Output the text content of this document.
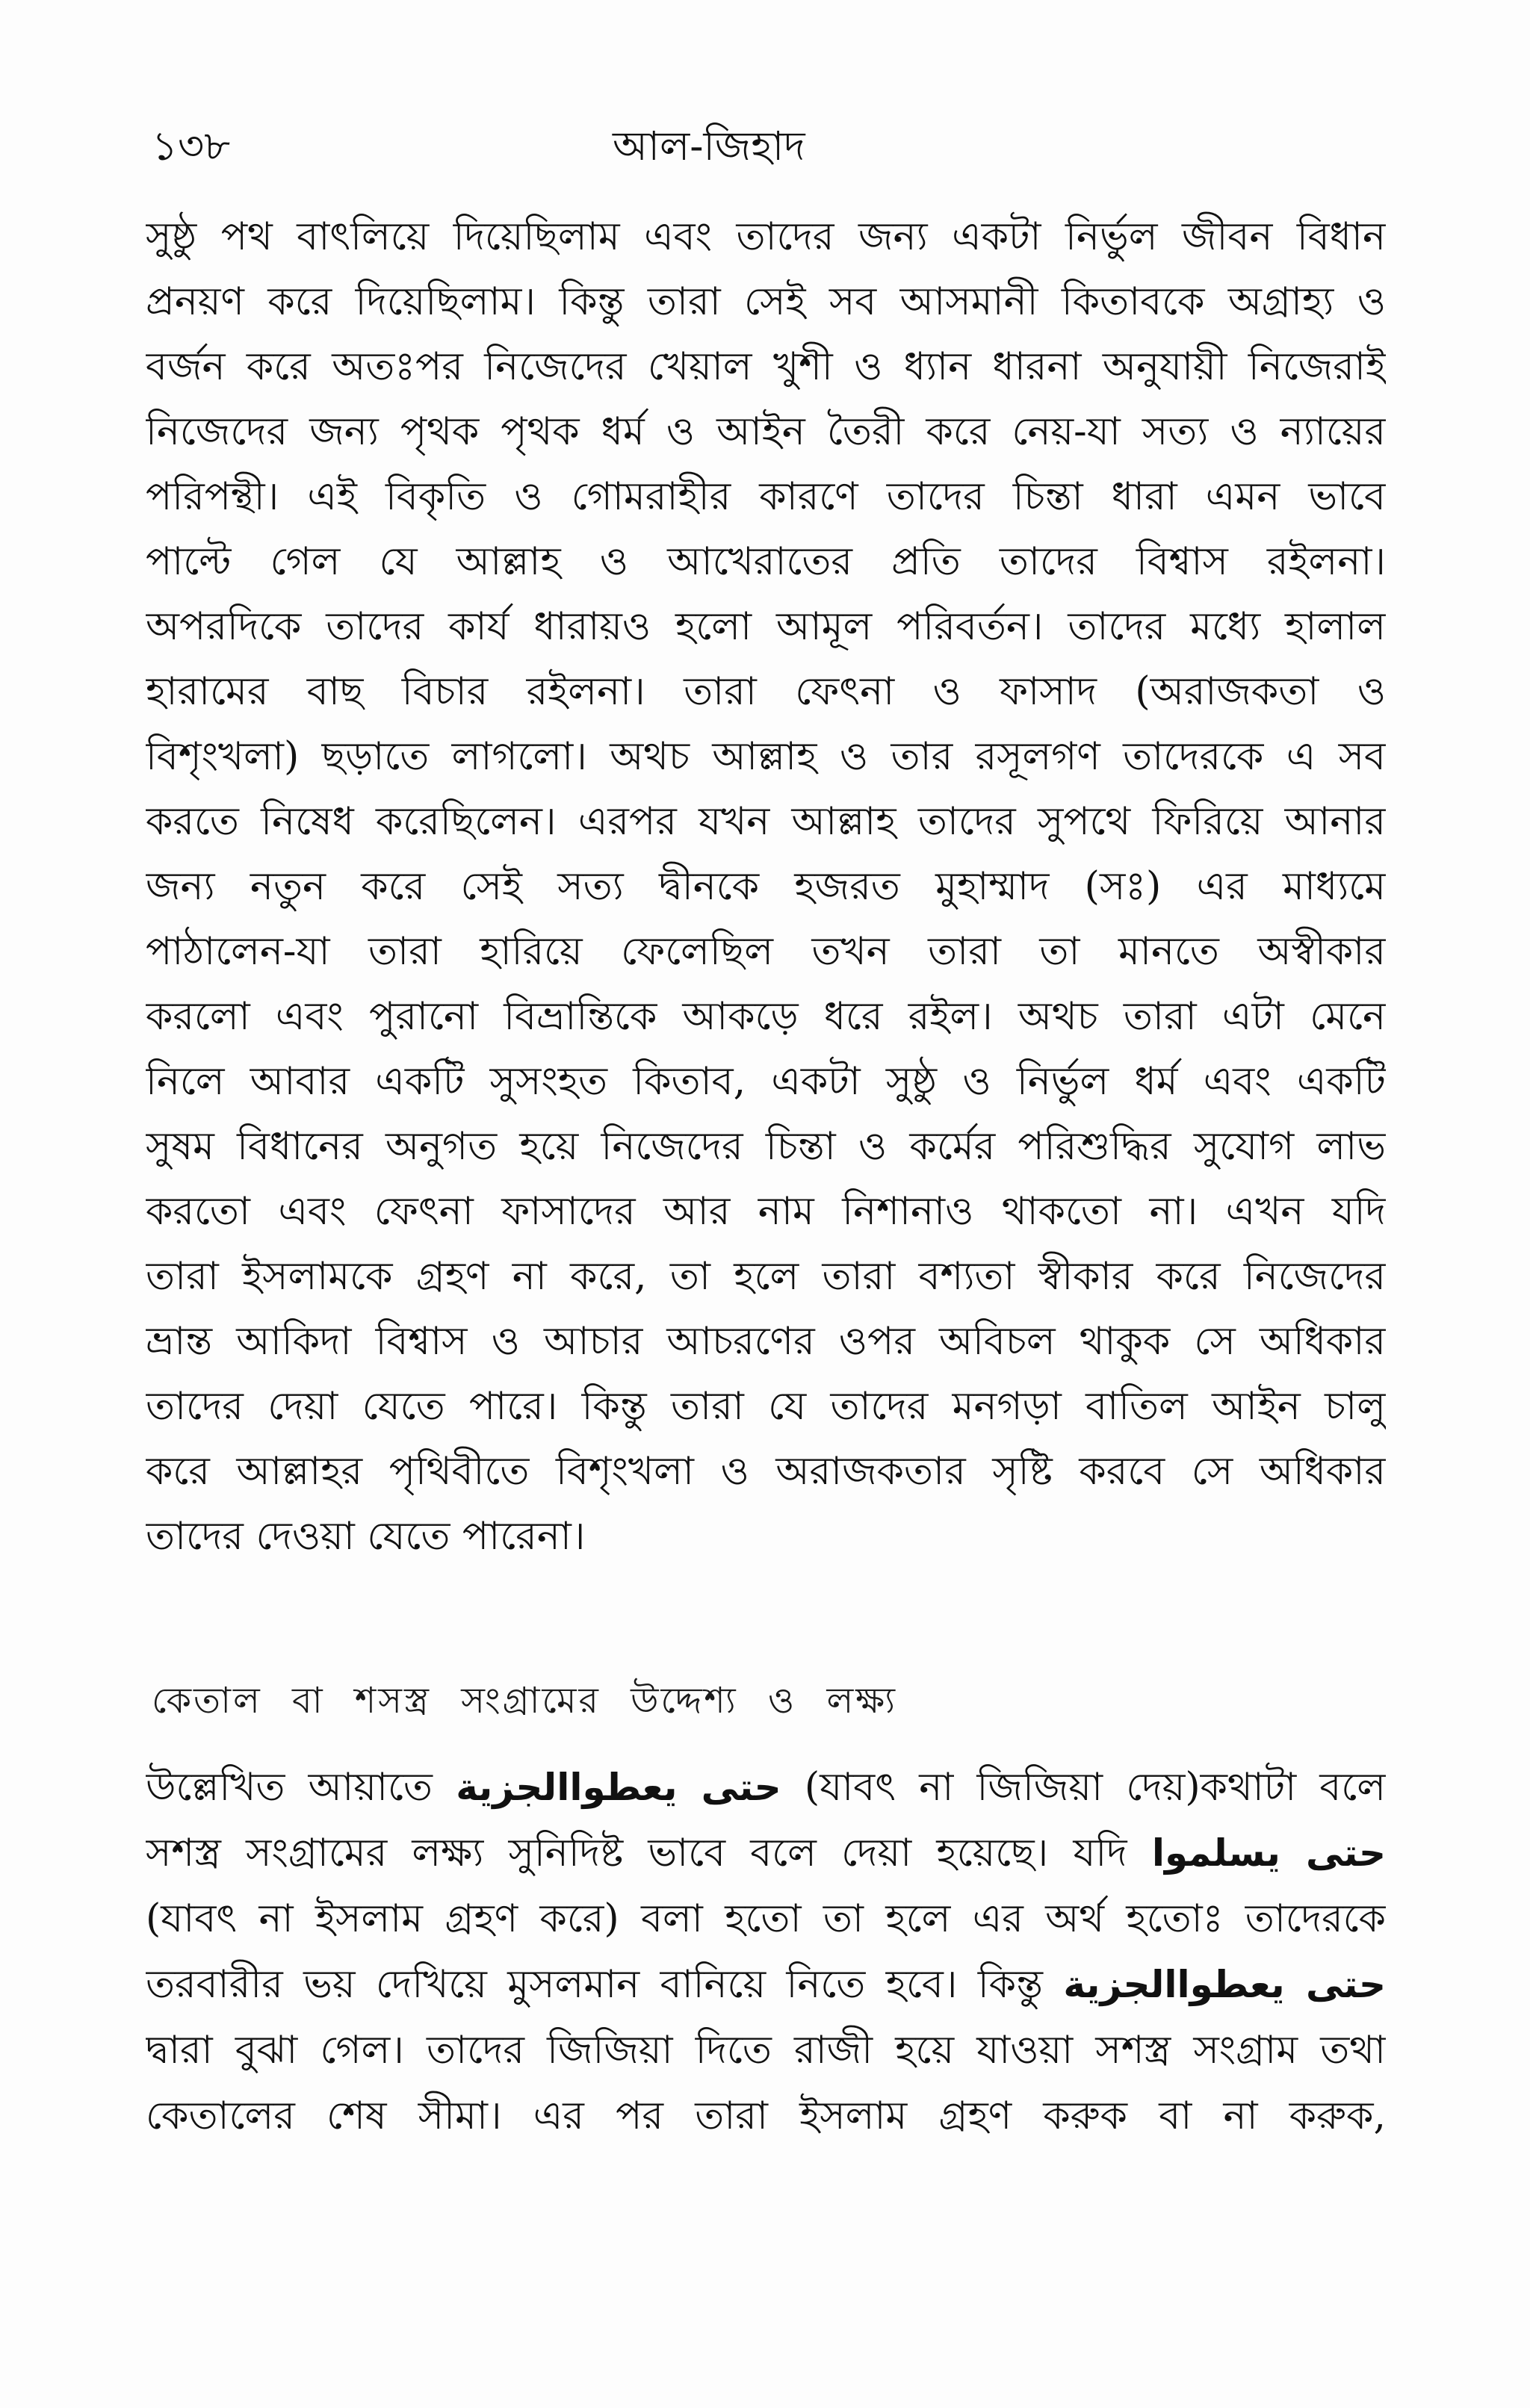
১৩৮	আল-জিহাদ
সুষ্ঠু পথ বাৎলিয়ে দিয়েছিলাম এবং তাদের জন্য একটা নির্ভুল জীবন বিধান
প্রনয়ণ করে দিয়েছিলাম। কিন্তু তারা সেই সব আসমানী কিতাবকে অগ্রাহ্য ও
বর্জন করে অতঃপর নিজেদের খেয়াল খুশী ও ধ্যান ধারনা অনুযায়ী নিজেরাই
নিজেদের জন্য পৃথক পৃথক ধর্ম ও আইন তৈরী করে নেয়-যা সত্য ও ন্যায়ের
পরিপন্থী। এই বিকৃতি ও গোমরাহীর কারণে তাদের চিন্তা ধারা এমন ভাবে
পাল্টে গেল যে আল্লাহ ও আখেরাতের প্রতি তাদের বিশ্বাস রইলনা।
অপরদিকে তাদের কার্য ধারায়ও হলো আমূল পরিবর্তন। তাদের মধ্যে হালাল
হারামের বাছ বিচার রইলনা। তারা ফেৎনা ও ফাসাদ (অরাজকতা ও
বিশৃংখলা) ছড়াতে লাগলো। অথচ আল্লাহ ও তার রসূলগণ তাদেরকে এ সব
করতে নিষেধ করেছিলেন। এরপর যখন আল্লাহ তাদের সুপথে ফিরিয়ে আনার
জন্য নতুন করে সেই সত্য দ্বীনকে হজরত মুহাম্মাদ (সঃ) এর মাধ্যমে
পাঠালেন-যা তারা হারিয়ে ফেলেছিল তখন তারা তা মানতে অস্বীকার
করলো এবং পুরানো বিভ্রান্তিকে আকড়ে ধরে রইল। অথচ তারা এটা মেনে
নিলে আবার একটি সুসংহত কিতাব, একটা সুষ্ঠু ও নির্ভুল ধর্ম এবং একটি
সুষম বিধানের অনুগত হয়ে নিজেদের চিন্তা ও কর্মের পরিশুদ্ধির সুযোগ লাভ
করতো এবং ফেৎনা ফাসাদের আর নাম নিশানাও থাকতো না। এখন যদি
তারা ইসলামকে গ্রহণ না করে, তা হলে তারা বশ্যতা স্বীকার করে নিজেদের
ভ্রান্ত আকিদা বিশ্বাস ও আচার আচরণের ওপর অবিচল থাকুক সে অধিকার
তাদের দেয়া যেতে পারে। কিন্তু তারা যে তাদের মনগড়া বাতিল আইন চালু
করে আল্লাহর পৃথিবীতে বিশৃংখলা ও অরাজকতার সৃষ্টি করবে সে অধিকার
তাদের দেওয়া যেতে পারেনা।
কেতাল বা শসস্ত্র সংগ্রামের উদ্দেশ্য ও লক্ষ্য
উল্লেখিত আয়াতে حتى يعطواالجزية (যাবৎ না জিজিয়া দেয়)কথাটা বলে
সশস্ত্র সংগ্রামের লক্ষ্য সুনিদিষ্ট ভাবে বলে দেয়া হয়েছে। যদি حتى يسلموا
(যাবৎ না ইসলাম গ্রহণ করে) বলা হতো তা হলে এর অর্থ হতোঃ তাদেরকে
তরবারীর ভয় দেখিয়ে মুসলমান বানিয়ে নিতে হবে। কিন্তু حتى يعطواالجزية
দ্বারা বুঝা গেল। তাদের জিজিয়া দিতে রাজী হয়ে যাওয়া সশস্ত্র সংগ্রাম তথা
কেতালের শেষ সীমা। এর পর তারা ইসলাম গ্রহণ করুক বা না করুক,
